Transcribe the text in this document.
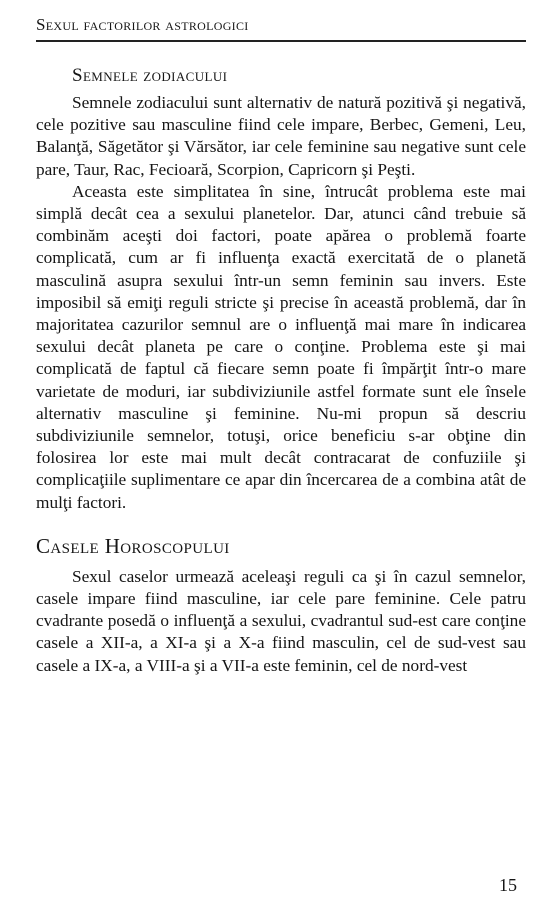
Sexul factorilor astrologici
Semnele zodiacului

Semnele zodiacului sunt alternativ de natură pozitivă şi negativă, cele pozitive sau masculine fiind cele impare, Berbec, Gemeni, Leu, Balanţă, Săgetător şi Vărsător, iar cele feminine sau negative sunt cele pare, Taur, Rac, Fecioară, Scorpion, Capricorn şi Peşti.

Aceasta este simplitatea în sine, întrucât problema este mai simplă decât cea a sexului planetelor. Dar, atunci când trebuie să combinăm aceşti doi factori, poate apărea o problemă foarte complicată, cum ar fi influenţa exactă exercitată de o planetă masculină asupra sexului într-un semn feminin sau invers. Este imposibil să emiţi reguli stricte şi precise în această problemă, dar în majoritatea cazurilor semnul are o influenţă mai mare în indicarea sexului decât planeta pe care o conţine. Problema este şi mai complicată de faptul că fiecare semn poate fi împărţit într-o mare varietate de moduri, iar subdiviziunile astfel formate sunt ele însele alternativ masculine şi feminine. Nu-mi propun să descriu subdiviziunile semnelor, totuşi, orice beneficiu s-ar obţine din folosirea lor este mai mult decât contracarat de confuziile şi complicaţiile suplimentare ce apar din încercarea de a combina atât de mulţi factori.

Casele Horoscopului

Sexul caselor urmează aceleaşi reguli ca şi în cazul semnelor, casele impare fiind masculine, iar cele pare feminine. Cele patru cvadrante posedă o influenţă a sexului, cvadrantul sud-est care conţine casele a XII-a, a XI-a şi a X-a fiind masculin, cel de sud-vest sau casele a IX-a, a VIII-a şi a VII-a este feminin, cel de nord-vest

15
